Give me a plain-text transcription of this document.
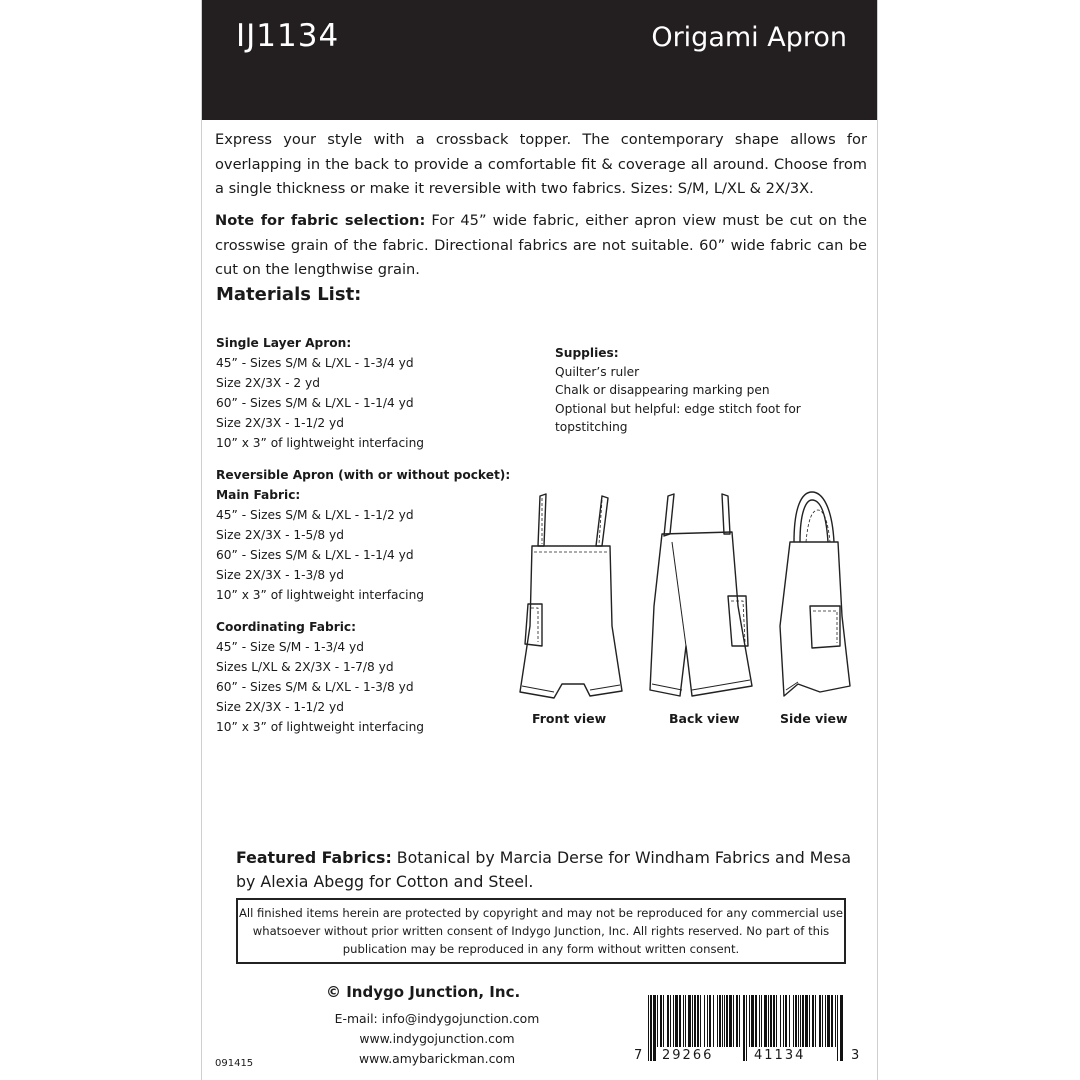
IJ1134	Origami Apron
Express your style with a crossback topper. The contemporary shape allows for overlapping in the back to provide a comfortable fit & coverage all around. Choose from a single thickness or make it reversible with two fabrics. Sizes: S/M, L/XL & 2X/3X.
Note for fabric selection: For 45” wide fabric, either apron view must be cut on the crosswise grain of the fabric. Directional fabrics are not suitable. 60” wide fabric can be cut on the lengthwise grain.
Materials List:
Single Layer Apron:
45” - Sizes S/M & L/XL - 1-3/4 yd
Size 2X/3X - 2 yd
60” - Sizes S/M & L/XL - 1-1/4 yd
Size 2X/3X - 1-1/2 yd
10” x 3” of lightweight interfacing
Reversible Apron (with or without pocket):
Main Fabric:
45” - Sizes S/M & L/XL - 1-1/2 yd
Size 2X/3X - 1-5/8 yd
60” - Sizes S/M & L/XL - 1-1/4 yd
Size 2X/3X - 1-3/8 yd
10” x 3” of lightweight interfacing
Coordinating Fabric:
45” - Size S/M - 1-3/4 yd
Sizes L/XL & 2X/3X - 1-7/8 yd
60” - Sizes S/M & L/XL - 1-3/8 yd
Size 2X/3X - 1-1/2 yd
10” x 3” of lightweight interfacing
Supplies:
Quilter’s ruler
Chalk or disappearing marking pen
Optional but helpful: edge stitch foot for topstitching
Front view	Back view	Side view
Featured Fabrics: Botanical by Marcia Derse for Windham Fabrics and Mesa by Alexia Abegg for Cotton and Steel.
All finished items herein are protected by copyright and may not be reproduced for any commercial use whatsoever without prior written consent of Indygo Junction, Inc. All rights reserved. No part of this publication may be reproduced in any form without written consent.
© Indygo Junction, Inc.
E-mail: info@indygojunction.com
www.indygojunction.com
www.amybarickman.com
091415
7 29266	41134	3
